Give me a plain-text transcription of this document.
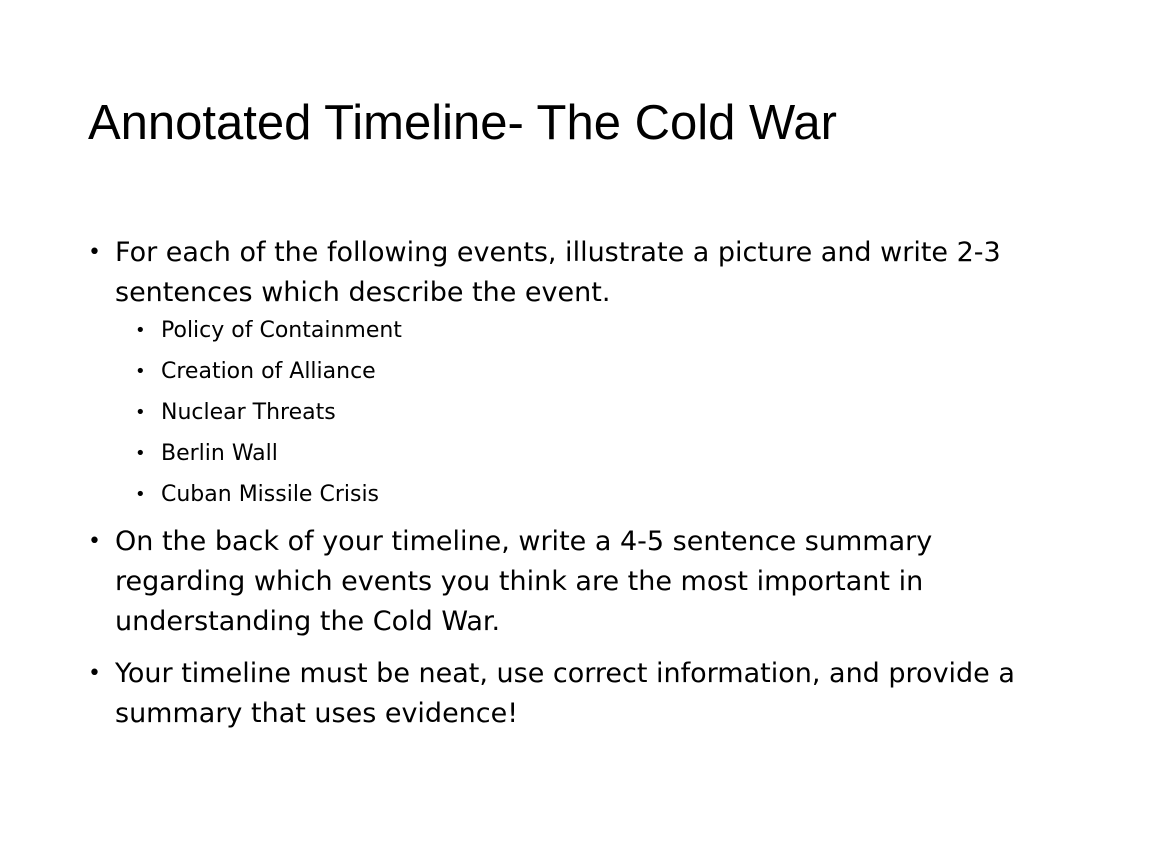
Annotated Timeline- The Cold War
• For each of the following events, illustrate a picture and write 2-3 sentences which describe the event.
• Policy of Containment
• Creation of Alliance
• Nuclear Threats
• Berlin Wall
• Cuban Missile Crisis
• On the back of your timeline, write a 4-5 sentence summary regarding which events you think are the most important in understanding the Cold War.
• Your timeline must be neat, use correct information, and provide a summary that uses evidence!
